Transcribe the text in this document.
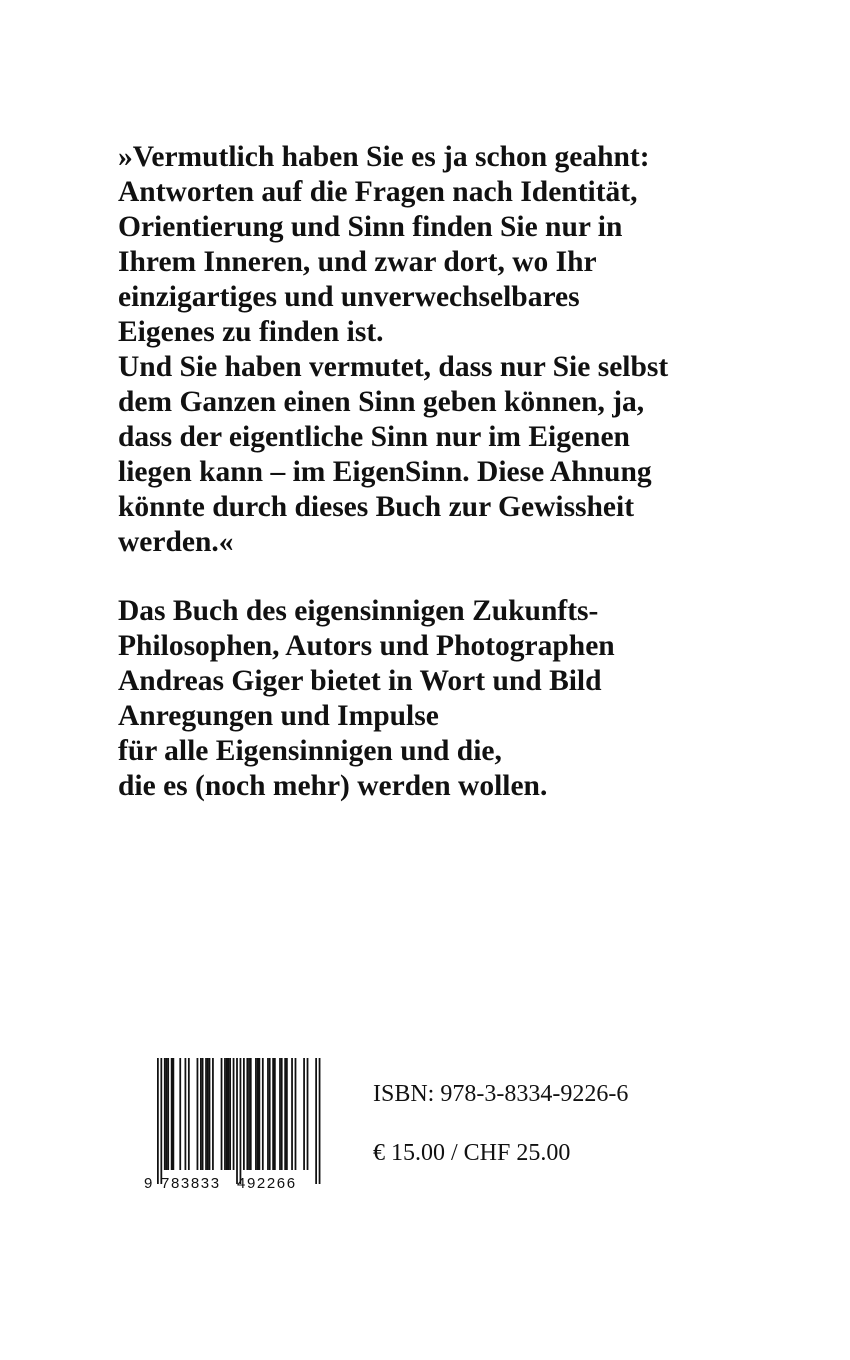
»Vermutlich haben Sie es ja schon geahnt:
Antworten auf die Fragen nach Identität,
Orientierung und Sinn finden Sie nur in
Ihrem Inneren, und zwar dort, wo Ihr
einzigartiges und unverwechselbares
Eigenes zu finden ist.
Und Sie haben vermutet, dass nur Sie selbst
dem Ganzen einen Sinn geben können, ja,
dass der eigentliche Sinn nur im Eigenen
liegen kann – im EigenSinn. Diese Ahnung
könnte durch dieses Buch zur Gewissheit
werden.«
Das Buch des eigensinnigen Zukunfts-
Philosophen, Autors und Photographen
Andreas Giger bietet in Wort und Bild
Anregungen und Impulse
für alle Eigensinnigen und die,
die es (noch mehr) werden wollen.
9 783833 492266
ISBN: 978-3-8334-9226-6
€ 15.00 / CHF 25.00
